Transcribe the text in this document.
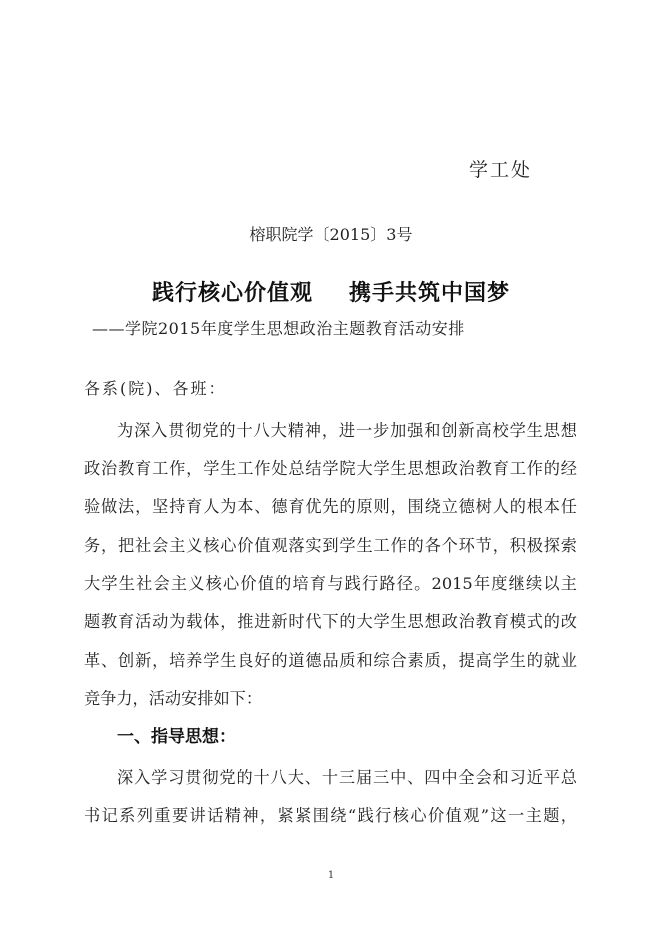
学工处
榕职院学〔2015〕3号
践行核心价值观 携手共筑中国梦
——学院2015年度学生思想政治主题教育活动安排
各系(院)、各班：
为深入贯彻党的十八大精神，进一步加强和创新高校学生思想
政治教育工作，学生工作处总结学院大学生思想政治教育工作的经
验做法，坚持育人为本、德育优先的原则，围绕立德树人的根本任
务，把社会主义核心价值观落实到学生工作的各个环节，积极探索
大学生社会主义核心价值的培育与践行路径。2015年度继续以主
题教育活动为载体，推进新时代下的大学生思想政治教育模式的改
革、创新，培养学生良好的道德品质和综合素质，提高学生的就业
竞争力，活动安排如下：
一、指导思想：
深入学习贯彻党的十八大、十三届三中、四中全会和习近平总
书记系列重要讲话精神，紧紧围绕“践行核心价值观”这一主题，
1
